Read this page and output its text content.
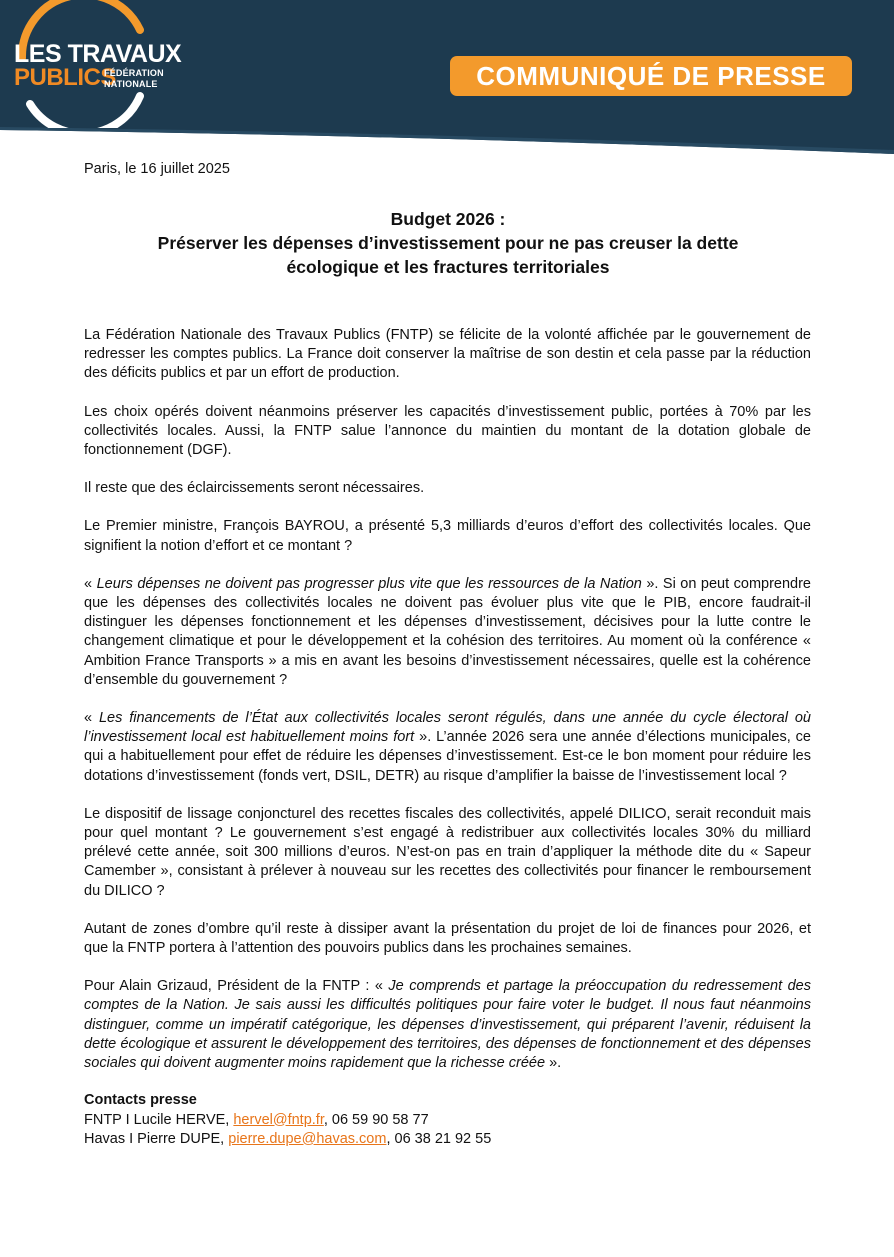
LES TRAVAUX
PUBLICS
FÉDÉRATION
NATIONALE	COMMUNIQUÉ DE PRESSE
Paris, le 16 juillet 2025
Budget 2026 :
Préserver les dépenses d’investissement pour ne pas creuser la dette
écologique et les fractures territoriales

La Fédération Nationale des Travaux Publics (FNTP) se félicite de la volonté affichée par le gouvernement de redresser les comptes publics. La France doit conserver la maîtrise de son destin et cela passe par la réduction des déficits publics et par un effort de production.

Les choix opérés doivent néanmoins préserver les capacités d’investissement public, portées à 70% par les collectivités locales. Aussi, la FNTP salue l’annonce du maintien du montant de la dotation globale de fonctionnement (DGF).

Il reste que des éclaircissements seront nécessaires.

Le Premier ministre, François BAYROU, a présenté 5,3 milliards d’euros d’effort des collectivités locales. Que signifient la notion d’effort et ce montant ?

« Leurs dépenses ne doivent pas progresser plus vite que les ressources de la Nation ». Si on peut comprendre que les dépenses des collectivités locales ne doivent pas évoluer plus vite que le PIB, encore faudrait-il distinguer les dépenses fonctionnement et les dépenses d’investissement, décisives pour la lutte contre le changement climatique et pour le développement et la cohésion des territoires. Au moment où la conférence « Ambition France Transports » a mis en avant les besoins d’investissement nécessaires, quelle est la cohérence d’ensemble du gouvernement ?

« Les financements de l’État aux collectivités locales seront régulés, dans une année du cycle électoral où l’investissement local est habituellement moins fort ». L’année 2026 sera une année d’élections municipales, ce qui a habituellement pour effet de réduire les dépenses d’investissement. Est-ce le bon moment pour réduire les dotations d’investissement (fonds vert, DSIL, DETR) au risque d’amplifier la baisse de l’investissement local ?

Le dispositif de lissage conjoncturel des recettes fiscales des collectivités, appelé DILICO, serait reconduit mais pour quel montant ? Le gouvernement s’est engagé à redistribuer aux collectivités locales 30% du milliard prélevé cette année, soit 300 millions d’euros. N’est-on pas en train d’appliquer la méthode dite du « Sapeur Camember », consistant à prélever à nouveau sur les recettes des collectivités pour financer le remboursement du DILICO ?

Autant de zones d’ombre qu’il reste à dissiper avant la présentation du projet de loi de finances pour 2026, et que la FNTP portera à l’attention des pouvoirs publics dans les prochaines semaines.

Pour Alain Grizaud, Président de la FNTP : « Je comprends et partage la préoccupation du redressement des comptes de la Nation. Je sais aussi les difficultés politiques pour faire voter le budget. Il nous faut néanmoins distinguer, comme un impératif catégorique, les dépenses d’investissement, qui préparent l’avenir, réduisent la dette écologique et assurent le développement des territoires, des dépenses de fonctionnement et des dépenses sociales qui doivent augmenter moins rapidement que la richesse créée ».

Contacts presse
FNTP I Lucile HERVE, hervel@fntp.fr, 06 59 90 58 77
Havas I Pierre DUPE, pierre.dupe@havas.com, 06 38 21 92 55
